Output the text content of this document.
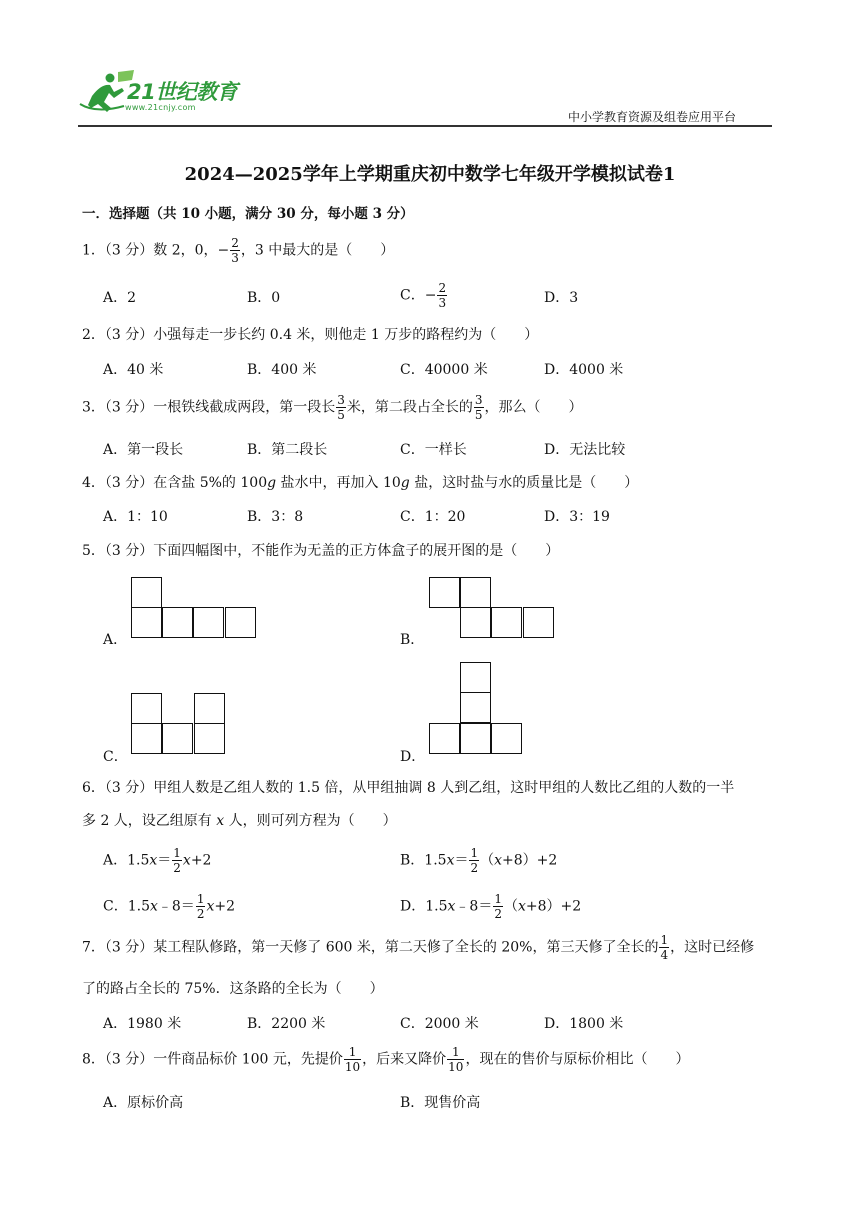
21世纪教育
www.21cnjy.com
中小学教育资源及组卷应用平台
2024—2025学年上学期重庆初中数学七年级开学模拟试卷1
一．选择题（共 10 小题，满分 30 分，每小题 3 分）
1．（3 分）数 2，0，− $\frac{2}{3}$ ，3 中最大的是（　　）
A．2	B．0	C．− $\frac{2}{3}$	D．3
2．（3 分）小强每走一步长约 0.4 米，则他走 1 万步的路程约为（　　）
A．40 米	B．400 米	C．40000 米	D．4000 米
3．（3 分）一根铁线截成两段，第一段长 $\frac{3}{5}$ 米，第二段占全长的 $\frac{3}{5}$ ，那么（　　）
A．第一段长	B．第二段长	C．一样长	D．无法比较
4．（3 分）在含盐 5%的 100g 盐水中，再加入 10g 盐，这时盐与水的质量比是（　　）
A．1：10	B．3：8	C．1：20	D．3：19
5．（3 分）下面四幅图中，不能作为无盖的正方体盒子的展开图的是（　　）
A．	B．
C．	D．
6．（3 分）甲组人数是乙组人数的 1.5 倍，从甲组抽调 8 人到乙组，这时甲组的人数比乙组的人数的一半
多 2 人，设乙组原有 x 人，则可列方程为（　　）
A．$1.5x= \frac{1}{2} x+2$	B．$1.5x= \frac{1}{2} (x+8)+2$
C．1.5x﹣8＝ $\frac{1}{2} x+2$	D．1.5x﹣8＝ $\frac{1}{2} (x+8)+2$
7．（3 分）某工程队修路，第一天修了 600 米，第二天修了全长的 20%，第三天修了全长的 $\frac{1}{4}$ ，这时已经修
了的路占全长的 75%．这条路的全长为（　　）
A．1980 米	B．2200 米	C．2000 米	D．1800 米
8．（3 分）一件商品标价 100 元，先提价 $\frac{1}{10}$ ，后来又降价 $\frac{1}{10}$ ，现在的售价与原标价相比（　　）
A．原标价高	B．现售价高
